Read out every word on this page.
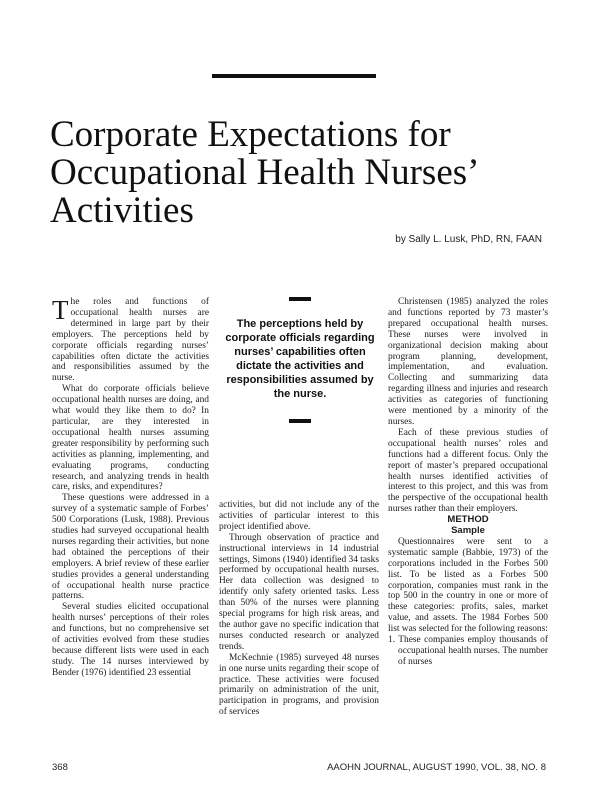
Corporate Expectations for Occupational Health Nurses’ Activities

by Sally L. Lusk, PhD, RN, FAAN

The roles and functions of occupational health nurses are determined in large part by their employers. The perceptions held by corporate officials regarding nurses’ capabilities often dictate the activities and responsibilities assumed by the nurse.

What do corporate officials believe occupational health nurses are doing, and what would they like them to do? In particular, are they interested in occupational health nurses assuming greater responsibility by performing such activities as planning, implementing, and evaluating programs, conducting research, and analyzing trends in health care, risks, and expenditures?

These questions were addressed in a survey of a systematic sample of Forbes’ 500 Corporations (Lusk, 1988). Previous studies had surveyed occupational health nurses regarding their activities, but none had obtained the perceptions of their employers. A brief review of these earlier studies provides a general understanding of occupational health nurse practice patterns.

Several studies elicited occupational health nurses’ perceptions of their roles and functions, but no comprehensive set of activities evolved from these studies because different lists were used in each study. The 14 nurses interviewed by Bender (1976) identified 23 essential

The perceptions held by corporate officials regarding nurses’ capabilities often dictate the activities and responsibilities assumed by the nurse.

activities, but did not include any of the activities of particular interest to this project identified above.

Through observation of practice and instructional interviews in 14 industrial settings, Simons (1940) identified 34 tasks performed by occupational health nurses. Her data collection was designed to identify only safety oriented tasks. Less than 50% of the nurses were planning special programs for high risk areas, and the author gave no specific indication that nurses conducted research or analyzed trends.

McKechnie (1985) surveyed 48 nurses in one nurse units regarding their scope of practice. These activities were focused primarily on administration of the unit, participation in programs, and provision of services

Christensen (1985) analyzed the roles and functions reported by 73 master’s prepared occupational health nurses. These nurses were involved in organizational decision making about program planning, development, implementation, and evaluation. Collecting and summarizing data regarding illness and injuries and research activities as categories of functioning were mentioned by a minority of the nurses.

Each of these previous studies of occupational health nurses’ roles and functions had a different focus. Only the report of master’s prepared occupational health nurses identified activities of interest to this project, and this was from the perspective of the occupational health nurses rather than their employers.

METHOD

Sample

Questionnaires were sent to a systematic sample (Babbie, 1973) of the corporations included in the Forbes 500 list. To be listed as a Forbes 500 corporation, companies must rank in the top 500 in the country in one or more of these categories: profits, sales, market value, and assets. The 1984 Forbes 500 list was selected for the following reasons:

1. These companies employ thousands of occupational health nurses. The number of nurses

368	AAOHN JOURNAL, AUGUST 1990, VOL. 38, NO. 8
